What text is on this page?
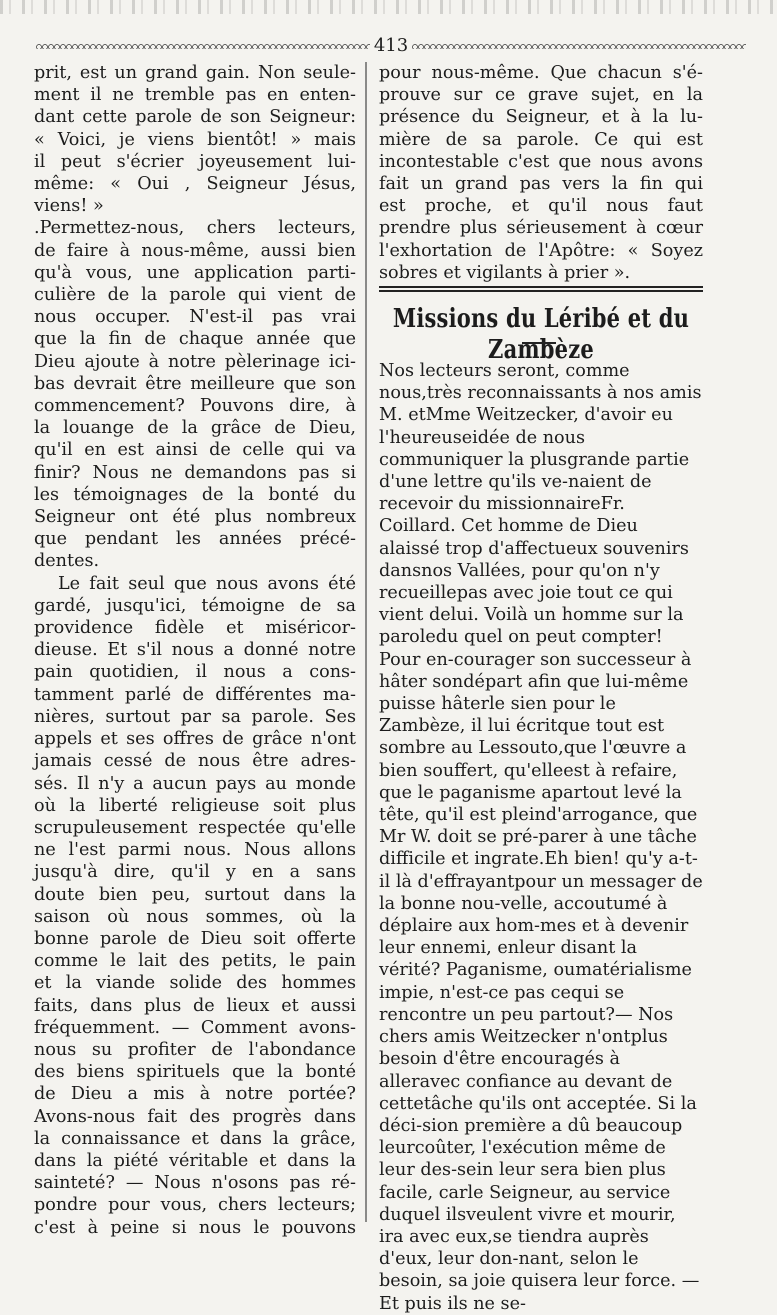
413
prit, est un grand gain. Non seule-
ment il ne tremble pas en enten-
dant cette parole de son Seigneur:
« Voici, je viens bientôt! » mais
il peut s'écrier joyeusement lui-
même: « Oui , Seigneur Jésus,
viens! »
.Permettez-nous, chers lecteurs,
de faire à nous-même, aussi bien
qu'à vous, une application parti-
culière de la parole qui vient de
nous occuper. N'est-il pas vrai
que la fin de chaque année que
Dieu ajoute à notre pèlerinage ici-
bas devrait être meilleure que son
commencement? Pouvons dire, à
la louange de la grâce de Dieu,
qu'il en est ainsi de celle qui va
finir? Nous ne demandons pas si
les témoignages de la bonté du
Seigneur ont été plus nombreux
que pendant les années précé-
dentes.
Le fait seul que nous avons été
gardé, jusqu'ici, témoigne de sa
providence fidèle et miséricor-
dieuse. Et s'il nous a donné notre
pain quotidien, il nous a cons-
tamment parlé de différentes ma-
nières, surtout par sa parole. Ses
appels et ses offres de grâce n'ont
jamais cessé de nous être adres-
sés. Il n'y a aucun pays au monde
où la liberté religieuse soit plus
scrupuleusement respectée qu'elle
ne l'est parmi nous. Nous allons
jusqu'à dire, qu'il y en a sans
doute bien peu, surtout dans la
saison où nous sommes, où la
bonne parole de Dieu soit offerte
comme le lait des petits, le pain
et la viande solide des hommes
faits, dans plus de lieux et aussi
fréquemment. — Comment avons-
nous su profiter de l'abondance
des biens spirituels que la bonté
de Dieu a mis à notre portée?
Avons-nous fait des progrès dans
la connaissance et dans la grâce,
dans la piété véritable et dans la
sainteté? — Nous n'osons pas ré-
pondre pour vous, chers lecteurs;
c'est à peine si nous le pouvons
pour nous-même. Que chacun s'é-
prouve sur ce grave sujet, en la
présence du Seigneur, et à la lu-
mière de sa parole. Ce qui est
incontestable c'est que nous avons
fait un grand pas vers la fin qui
est proche, et qu'il nous faut
prendre plus sérieusement à cœur
l'exhortation de l'Apôtre: « Soyez
sobres et vigilants à prier ».
Missions du Léribé et du Zambèze
Nos lecteurs seront, comme nous,très reconnaissants à nos amis M. etMme Weitzecker, d'avoir eu l'heureuseidée de nous communiquer la plusgrande partie d'une lettre qu'ils ve-naient de recevoir du missionnaireFr. Coillard. Cet homme de Dieu alaissé trop d'affectueux souvenirs dansnos Vallées, pour qu'on n'y recueillepas avec joie tout ce qui vient delui. Voilà un homme sur la paroledu quel on peut compter! Pour en-courager son successeur à hâter sondépart afin que lui-même puisse hâterle sien pour le Zambèze, il lui écritque tout est sombre au Lessouto,que l'œuvre a bien souffert, qu'elleest à refaire, que le paganisme apartout levé la tête, qu'il est pleind'arrogance, que Mr W. doit se pré-parer à une tâche difficile et ingrate.Eh bien! qu'y a-t-il là d'effrayantpour un messager de la bonne nou-velle, accoutumé à déplaire aux hom-mes et à devenir leur ennemi, enleur disant la vérité? Paganisme, oumatérialisme impie, n'est-ce pas cequi se rencontre un peu partout?— Nos chers amis Weitzecker n'ontplus besoin d'être encouragés à alleravec confiance au devant de cettetâche qu'ils ont acceptée. Si la déci-sion première a dû beaucoup leurcoûter, l'exécution même de leur des-sein leur sera bien plus facile, carle Seigneur, au service duquel ilsveulent vivre et mourir, ira avec eux,se tiendra auprès d'eux, leur don-nant, selon le besoin, sa joie quisera leur force. — Et puis ils ne se-
